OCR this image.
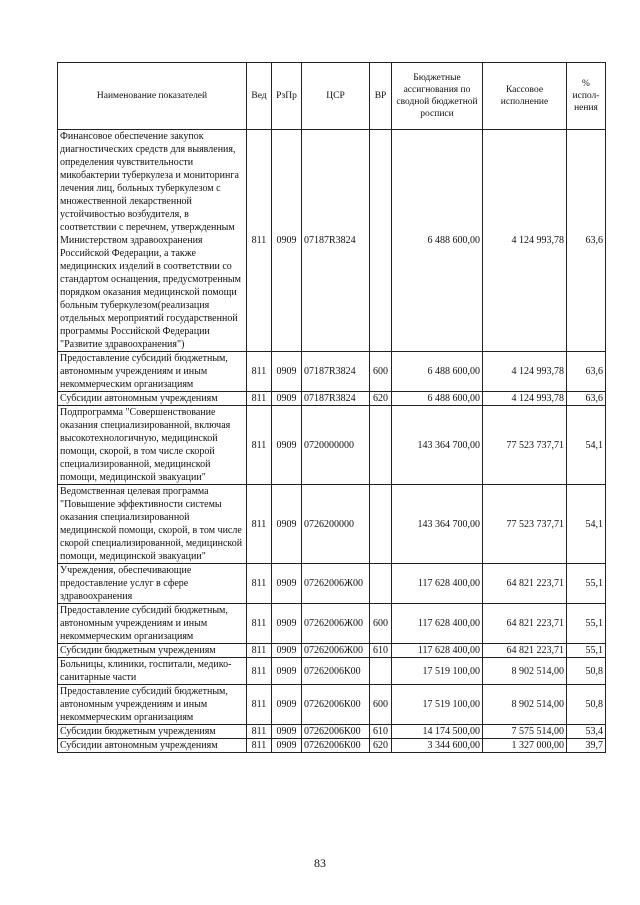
Наименование показателей	Вед	РзПр	ЦСР	ВР	Бюджетные ассигнования по сводной бюджетной росписи	Кассовое исполнение	% испол-нения
Финансовое обеспечение закупок диагностических средств для выявления, определения чувствительности микобактерии туберкулеза и мониторинга лечения лиц, больных туберкулезом с множественной лекарственной устойчивостью возбудителя, в соответствии с перечнем, утвержденным Министерством здравоохранения Российской Федерации, а также медицинских изделий в соответствии со стандартом оснащения, предусмотренным порядком оказания медицинской помощи больным туберкулезом(реализация отдельных мероприятий государственной программы Российской Федерации "Развитие здравоохранения")	811	0909	07187R3824		6 488 600,00	4 124 993,78	63,6
Предоставление субсидий бюджетным, автономным учреждениям и иным некоммерческим организациям	811	0909	07187R3824	600	6 488 600,00	4 124 993,78	63,6
Субсидии автономным учреждениям	811	0909	07187R3824	620	6 488 600,00	4 124 993,78	63,6
Подпрограмма "Совершенствование оказания специализированной, включая высокотехнологичную, медицинской помощи, скорой, в том числе скорой специализированной, медицинской помощи, медицинской эвакуации"	811	0909	0720000000		143 364 700,00	77 523 737,71	54,1
Ведомственная целевая программа "Повышение эффективности системы оказания специализированной медицинской помощи, скорой, в том числе скорой специализированной, медицинской помощи, медицинской эвакуации"	811	0909	0726200000		143 364 700,00	77 523 737,71	54,1
Учреждения, обеспечивающие предоставление услуг в сфере здравоохранения	811	0909	07262006Ж00		117 628 400,00	64 821 223,71	55,1
Предоставление субсидий бюджетным, автономным учреждениям и иным некоммерческим организациям	811	0909	07262006Ж00	600	117 628 400,00	64 821 223,71	55,1
Субсидии бюджетным учреждениям	811	0909	07262006Ж00	610	117 628 400,00	64 821 223,71	55,1
Больницы, клиники, госпитали, медико-санитарные части	811	0909	07262006К00		17 519 100,00	8 902 514,00	50,8
Предоставление субсидий бюджетным, автономным учреждениям и иным некоммерческим организациям	811	0909	07262006К00	600	17 519 100,00	8 902 514,00	50,8
Субсидии бюджетным учреждениям	811	0909	07262006К00	610	14 174 500,00	7 575 514,00	53,4
Субсидии автономным учреждениям	811	0909	07262006К00	620	3 344 600,00	1 327 000,00	39,7
83
